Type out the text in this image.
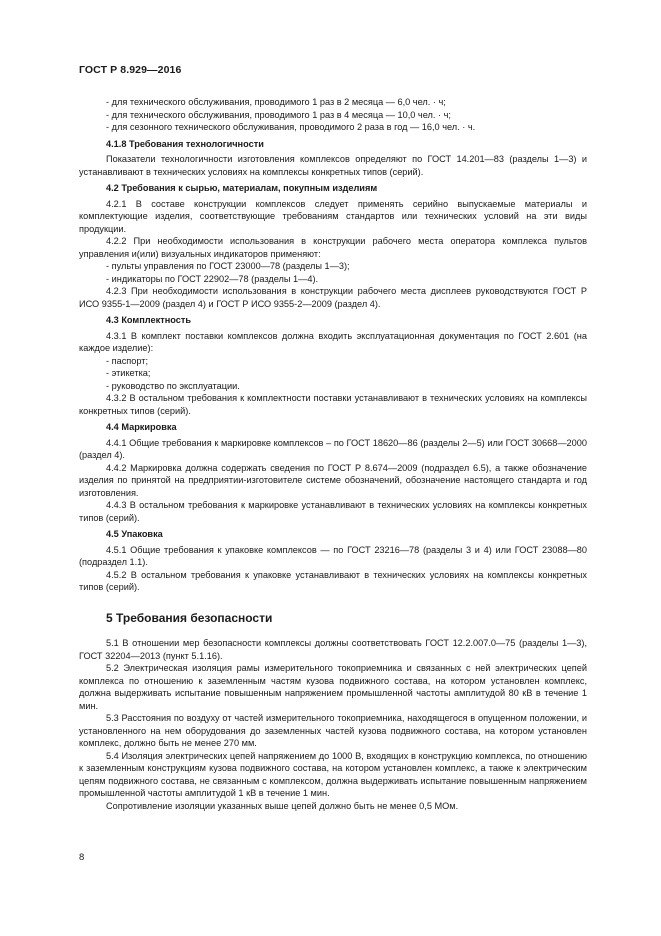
ГОСТ Р 8.929—2016

- для технического обслуживания, проводимого 1 раз в 2 месяца — 6,0 чел. · ч;

- для технического обслуживания, проводимого 1 раз в 4 месяца — 10,0 чел. · ч;

- для сезонного технического обслуживания, проводимого 2 раза в год — 16,0 чел. · ч.

4.1.8 Требования технологичности

Показатели технологичности изготовления комплексов определяют по ГОСТ 14.201—83 (разделы 1—3) и устанавливают в технических условиях на комплексы конкретных типов (серий).

4.2 Требования к сырью, материалам, покупным изделиям

4.2.1 В составе конструкции комплексов следует применять серийно выпускаемые материалы и комплектующие изделия, соответствующие требованиям стандартов или технических условий на эти виды продукции.

4.2.2 При необходимости использования в конструкции рабочего места оператора комплекса пультов управления и(или) визуальных индикаторов применяют:

- пульты управления по ГОСТ 23000—78 (разделы 1—3);

- индикаторы по ГОСТ 22902—78 (разделы 1—4).

4.2.3 При необходимости использования в конструкции рабочего места дисплеев руководствуются ГОСТ Р ИСО 9355-1—2009 (раздел 4) и ГОСТ Р ИСО 9355-2—2009 (раздел 4).

4.3 Комплектность

4.3.1 В комплект поставки комплексов должна входить эксплуатационная документация по ГОСТ 2.601 (на каждое изделие):

- паспорт;

- этикетка;

- руководство по эксплуатации.

4.3.2 В остальном требования к комплектности поставки устанавливают в технических условиях на комплексы конкретных типов (серий).

4.4 Маркировка

4.4.1 Общие требования к маркировке комплексов – по ГОСТ 18620—86 (разделы 2—5) или ГОСТ 30668—2000 (раздел 4).

4.4.2 Маркировка должна содержать сведения по ГОСТ Р 8.674—2009 (подраздел 6.5), а также обозначение изделия по принятой на предприятии-изготовителе системе обозначений, обозначение настоящего стандарта и год изготовления.

4.4.3 В остальном требования к маркировке устанавливают в технических условиях на комплексы конкретных типов (серий).

4.5 Упаковка

4.5.1 Общие требования к упаковке комплексов — по ГОСТ 23216—78 (разделы 3 и 4) или ГОСТ 23088—80 (подраздел 1.1).

4.5.2 В остальном требования к упаковке устанавливают в технических условиях на комплексы конкретных типов (серий).

5 Требования безопасности

5.1 В отношении мер безопасности комплексы должны соответствовать ГОСТ 12.2.007.0—75 (разделы 1—3), ГОСТ 32204—2013 (пункт 5.1.16).

5.2 Электрическая изоляция рамы измерительного токоприемника и связанных с ней электрических цепей комплекса по отношению к заземленным частям кузова подвижного состава, на котором установлен комплекс, должна выдерживать испытание повышенным напряжением промышленной частоты амплитудой 80 кВ в течение 1 мин.

5.3 Расстояния по воздуху от частей измерительного токоприемника, находящегося в опущенном положении, и установленного на нем оборудования до заземленных частей кузова подвижного состава, на котором установлен комплекс, должно быть не менее 270 мм.

5.4 Изоляция электрических цепей напряжением до 1000 В, входящих в конструкцию комплекса, по отношению к заземленным конструкциям кузова подвижного состава, на котором установлен комплекс, а также к электрическим цепям подвижного состава, не связанным с комплексом, должна выдерживать испытание повышенным напряжением промышленной частоты амплитудой 1 кВ в течение 1 мин.

Сопротивление изоляции указанных выше цепей должно быть не менее 0,5 МОм.

8
